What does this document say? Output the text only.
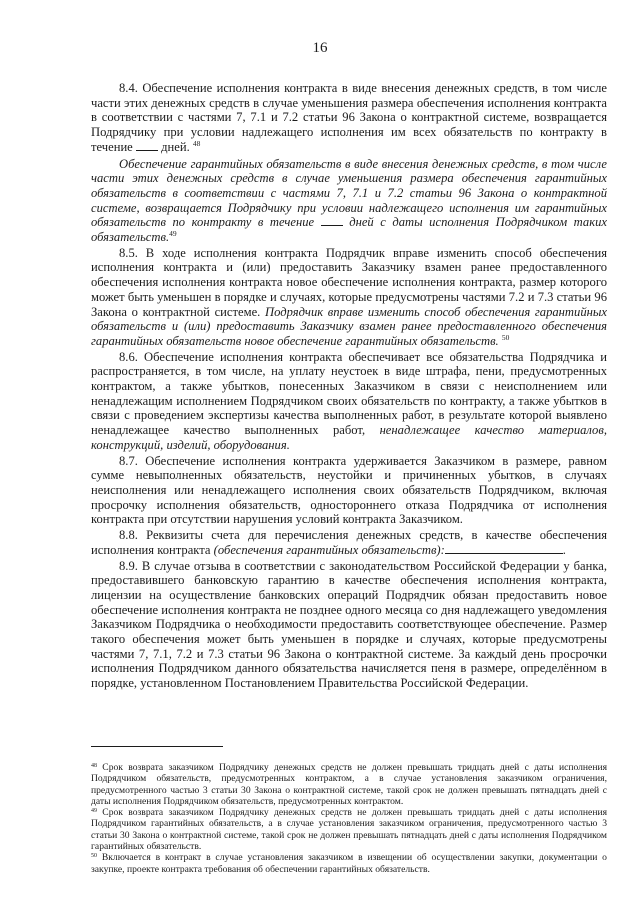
16

8.4. Обеспечение исполнения контракта в виде внесения денежных средств, в том числе части этих денежных средств в случае уменьшения размера обеспечения исполнения контракта в соответствии с частями 7, 7.1 и 7.2 статьи 96 Закона о контрактной системе, возвращается Подрядчику при условии надлежащего исполнения им всех обязательств по контракту в течение дней. $^{48}$

Обеспечение гарантийных обязательств в виде внесения денежных средств, в том числе части этих денежных средств в случае уменьшения размера обеспечения гарантийных обязательств в соответствии с частями 7, 7.1 и 7.2 статьи 96 Закона о контрактной системе, возвращается Подрядчику при условии надлежащего исполнения им гарантийных обязательств по контракту в течение	дней с даты исполнения Подрядчиком таких обязательств.$^{49}$

8.5. В ходе исполнения контракта Подрядчик вправе изменить способ обеспечения исполнения контракта и (или) предоставить Заказчику взамен ранее предоставленного обеспечения исполнения контракта новое обеспечение исполнения контракта, размер которого может быть уменьшен в порядке и случаях, которые предусмотрены частями 7.2 и 7.3 статьи 96 Закона о контрактной системе. Подрядчик вправе изменить способ обеспечения гарантийных обязательств и (или) предоставить Заказчику взамен ранее предоставленного обеспечения гарантийных обязательств новое обеспечение гарантийных обязательств. $^{50}$

8.6. Обеспечение исполнения контракта обеспечивает все обязательства Подрядчика и распространяется, в том числе, на уплату неустоек в виде штрафа, пени, предусмотренных контрактом, а также убытков, понесенных Заказчиком в связи с неисполнением или ненадлежащим исполнением Подрядчиком своих обязательств по контракту, а также убытков в связи с проведением экспертизы качества выполненных работ, в результате которой выявлено ненадлежащее качество выполненных работ, ненадлежащее качество материалов, конструкций, изделий, оборудования.

8.7. Обеспечение исполнения контракта удерживается Заказчиком в размере, равном сумме невыполненных обязательств, неустойки и причиненных убытков, в случаях неисполнения или ненадлежащего исполнения своих обязательств Подрядчиком, включая просрочку исполнения обязательств, одностороннего отказа Подрядчика от исполнения контракта при отсутствии нарушения условий контракта Заказчиком.

8.8. Реквизиты счета для перечисления денежных средств, в качестве обеспечения исполнения контракта (обеспечения гарантийных обязательств):	.

8.9. В случае отзыва в соответствии с законодательством Российской Федерации у банка, предоставившего банковскую гарантию в качестве обеспечения исполнения контракта, лицензии на осуществление банковских операций Подрядчик обязан предоставить новое обеспечение исполнения контракта не позднее одного месяца со дня надлежащего уведомления Заказчиком Подрядчика о необходимости предоставить соответствующее обеспечение. Размер такого обеспечения может быть уменьшен в порядке и случаях, которые предусмотрены частями 7, 7.1, 7.2 и 7.3 статьи 96 Закона о контрактной системе. За каждый день просрочки исполнения Подрядчиком данного обязательства начисляется пеня в размере, определённом в порядке, установленном Постановлением Правительства Российской Федерации.

$^{48}$ Срок возврата заказчиком Подрядчику денежных средств не должен превышать тридцать дней с даты исполнения Подрядчиком обязательств, предусмотренных контрактом, а в случае установления заказчиком ограничения, предусмотренного частью 3 статьи 30 Закона о контрактной системе, такой срок не должен превышать пятнадцать дней с даты исполнения Подрядчиком обязательств, предусмотренных контрактом.

$^{49}$ Срок возврата заказчиком Подрядчику денежных средств не должен превышать тридцать дней с даты исполнения Подрядчиком гарантийных обязательств, а в случае установления заказчиком ограничения, предусмотренного частью 3 статьи 30 Закона о контрактной системе, такой срок не должен превышать пятнадцать дней с даты исполнения Подрядчиком гарантийных обязательств.

$^{50}$ Включается в контракт в случае установления заказчиком в извещении об осуществлении закупки, документации о закупке, проекте контракта требования об обеспечении гарантийных обязательств.
